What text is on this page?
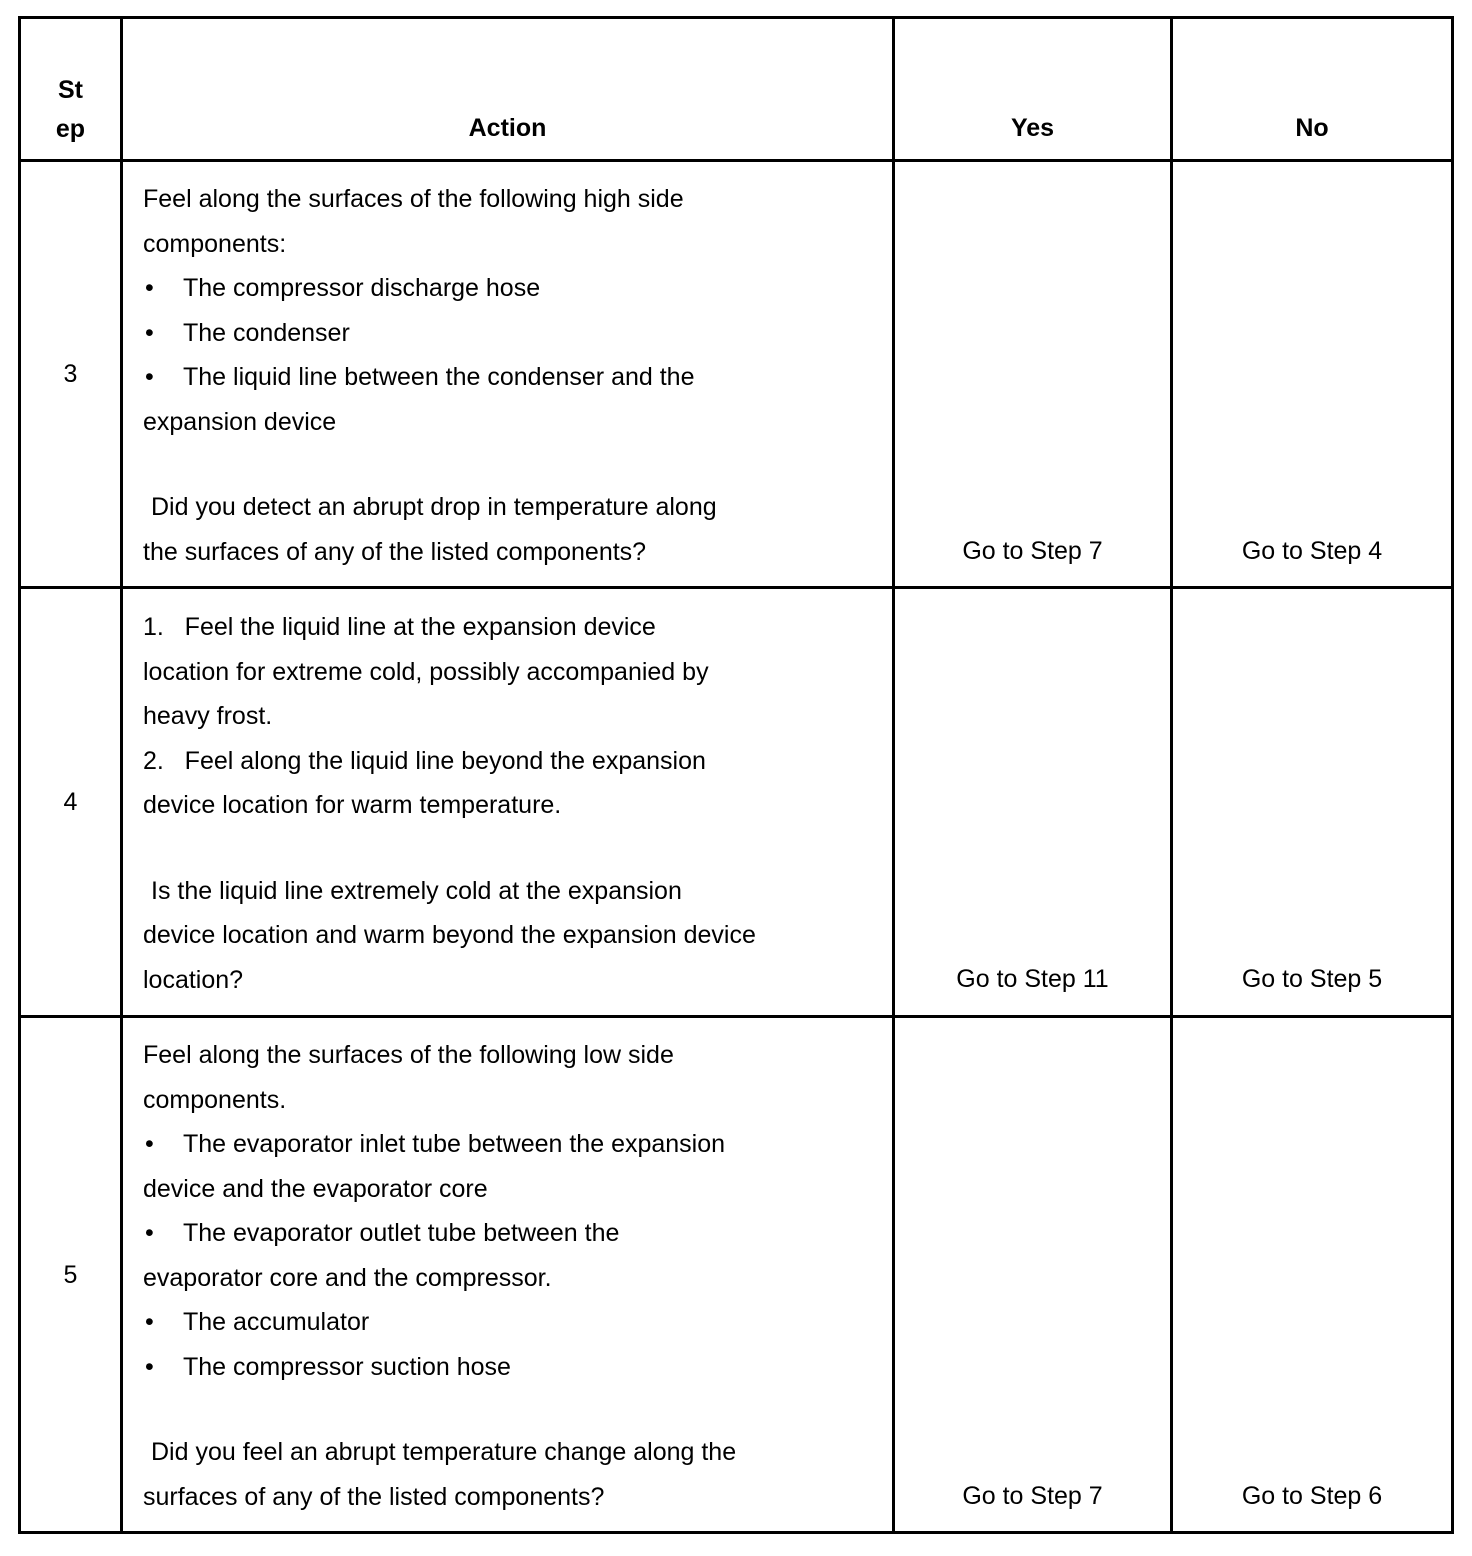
St
ep	Action	Yes	No
3

Feel along the surfaces of the following high side

components:

• The compressor discharge hose

• The condenser

• The liquid line between the condenser and the

expansion device

Did you detect an abrupt drop in temperature along

the surfaces of any of the listed components?	Go to Step 7	Go to Step 4
4

1.   Feel the liquid line at the expansion device

location for extreme cold, possibly accompanied by

heavy frost.

2.   Feel along the liquid line beyond the expansion

device location for warm temperature.

Is the liquid line extremely cold at the expansion

device location and warm beyond the expansion device

location?	Go to Step 11	Go to Step 5
5

Feel along the surfaces of the following low side

components.

• The evaporator inlet tube between the expansion

device and the evaporator core

• The evaporator outlet tube between the

evaporator core and the compressor.

• The accumulator

• The compressor suction hose

Did you feel an abrupt temperature change along the

surfaces of any of the listed components?	Go to Step 7	Go to Step 6
